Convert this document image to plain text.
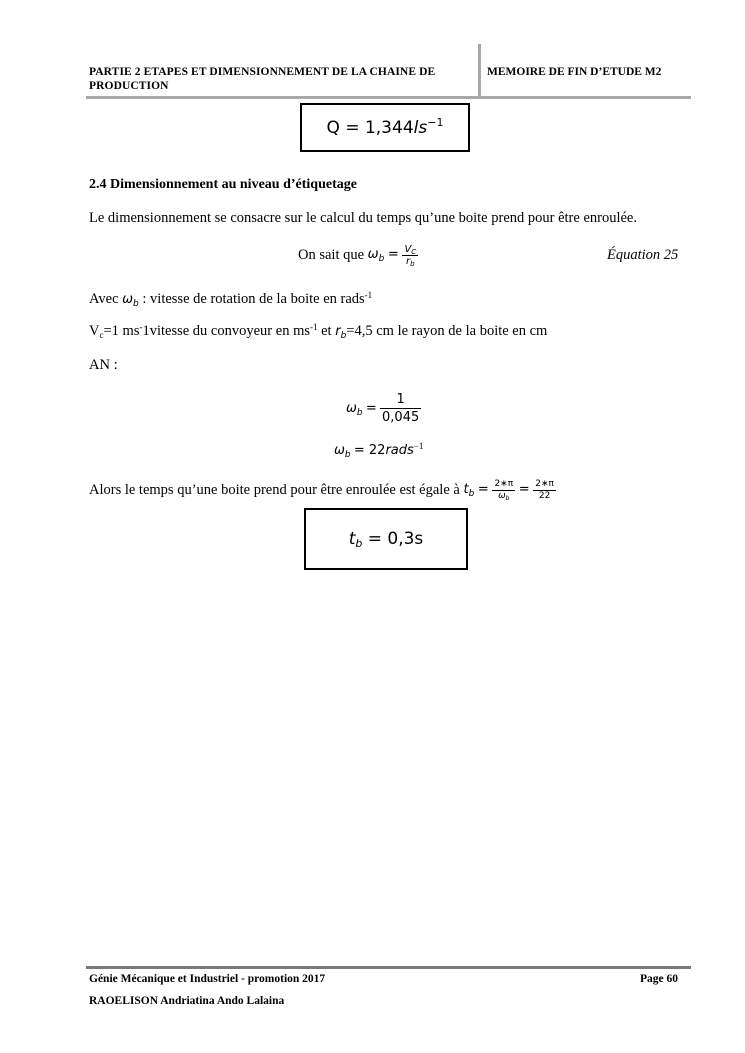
PARTIE 2 ETAPES ET DIMENSIONNEMENT DE LA CHAINE DE PRODUCTION
MEMOIRE DE FIN D’ETUDE M2
$Q = 1,344ls^{-1}$
2.4 Dimensionnement au niveau d’étiquetage
Le dimensionnement se consacre sur le calcul du temps qu’une boite prend pour être enroulée.
On sait que
$\omega_b$
=
$\frac{V_C}{r_b}$	Équation 25
Avec $\omega_b$ : vitesse de rotation de la boite en rads$^{-1}$
$V_c=1$ ms-1vitesse du convoyeur en $ms^{-1}$ et $r_b=4,5$ cm le rayon de la boite en cm
AN :
$\omega_b$
=
$\frac{1}{0,045}$
$\omega_b$ = 22rads$^{-1}$
Alors le temps qu’une boite prend pour être enroulée est égale à
$t_b$
=
$\frac{2∗\pi}{\omega_b}$
=
$\frac{2∗\pi}{22}$
$t_b = 0,3s$
Génie Mécanique et Industriel - promotion 2017	Page 60
RAOELISON Andriatina Ando Lalaina
